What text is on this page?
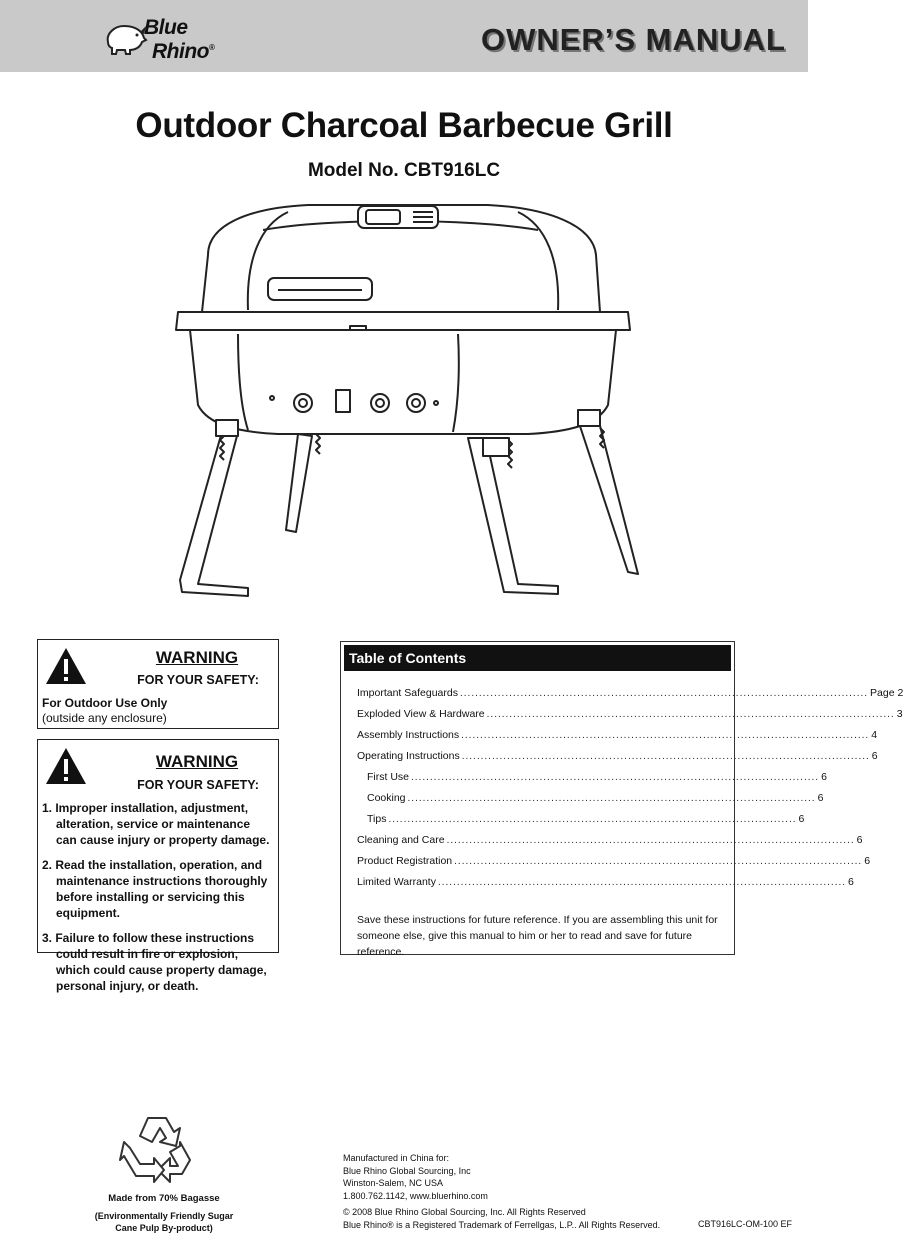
Blue
Rhino®	OWNER’S MANUAL
Outdoor Charcoal Barbecue Grill
Model No. CBT916LC
WARNING
FOR YOUR SAFETY:
For Outdoor Use Only
(outside any enclosure)
WARNING
FOR YOUR SAFETY:
1. Improper installation, adjustment, alteration, service or maintenance can cause injury or property damage.
2. Read the installation, operation, and maintenance instructions thoroughly before installing or servicing this equipment.
3. Failure to follow these instructions could result in fire or explosion, which could cause property damage, personal injury, or death.
Table of Contents
Important Safeguards ............................................................................................................ Page 2
Exploded View & Hardware ............................................................................................................ 3
Assembly Instructions ............................................................................................................ 4
Operating Instructions ............................................................................................................ 6
First Use ............................................................................................................ 6
Cooking ............................................................................................................ 6
Tips ............................................................................................................ 6
Cleaning and Care ............................................................................................................ 6
Product Registration ............................................................................................................ 6
Limited Warranty ............................................................................................................ 6
Save these instructions for future reference. If you are assembling this unit for someone else, give this manual to him or her to read and save for future reference.
Made from 70% Bagasse
(Environmentally Friendly Sugar
Cane Pulp By-product)
Manufactured in China for:
Blue Rhino Global Sourcing, Inc
Winston-Salem, NC USA
1.800.762.1142, www.bluerhino.com
© 2008 Blue Rhino Global Sourcing, Inc. All Rights Reserved
Blue Rhino® is a Registered Trademark of Ferrellgas, L.P.. All Rights Reserved.	CBT916LC-OM-100 EF
